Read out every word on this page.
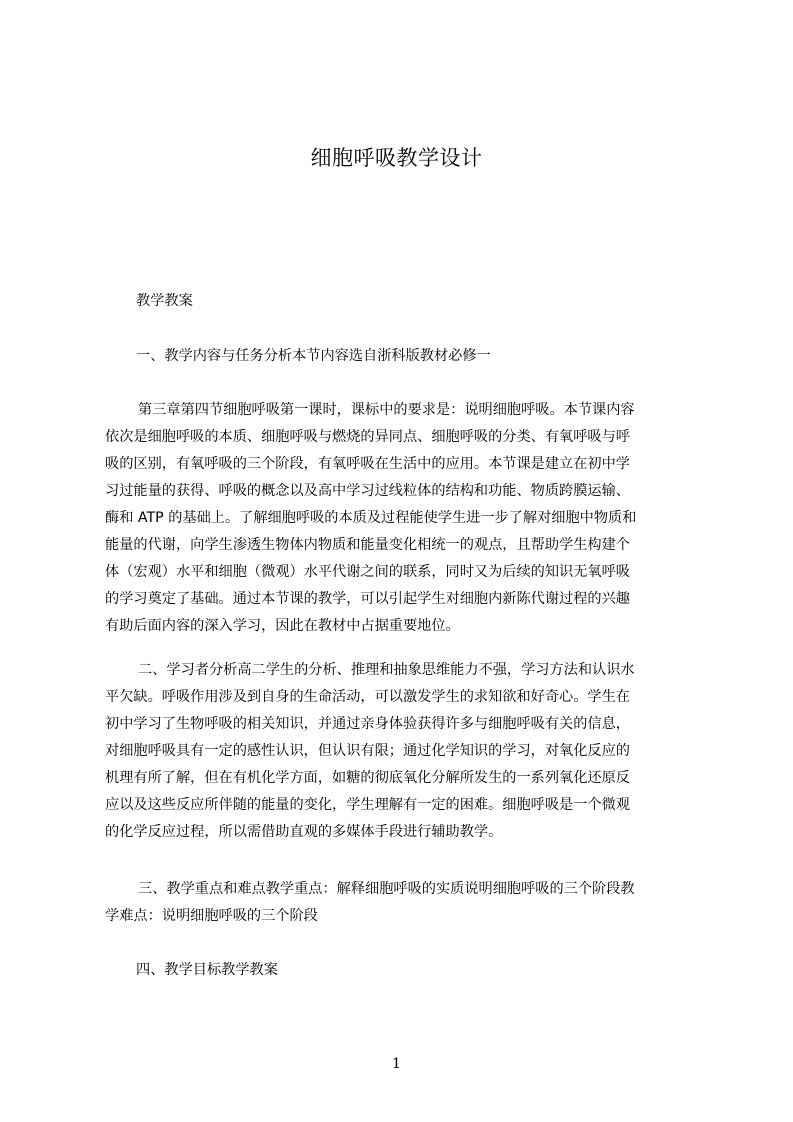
细胞呼吸教学设计
教学教案
一、教学内容与任务分析本节内容选自浙科版教材必修一
第三章第四节细胞呼吸第一课时，课标中的要求是：说明细胞呼吸。本节课内容
依次是细胞呼吸的本质、细胞呼吸与燃烧的异同点、细胞呼吸的分类、有氧呼吸与呼
吸的区别，有氧呼吸的三个阶段，有氧呼吸在生活中的应用。本节课是建立在初中学
习过能量的获得、呼吸的概念以及高中学习过线粒体的结构和功能、物质跨膜运输、
酶和 ATP 的基础上。了解细胞呼吸的本质及过程能使学生进一步了解对细胞中物质和
能量的代谢，向学生渗透生物体内物质和能量变化相统一的观点，且帮助学生构建个
体（宏观）水平和细胞（微观）水平代谢之间的联系，同时又为后续的知识无氧呼吸
的学习奠定了基础。通过本节课的教学，可以引起学生对细胞内新陈代谢过程的兴趣
有助后面内容的深入学习，因此在教材中占据重要地位。
二、学习者分析高二学生的分析、推理和抽象思维能力不强，学习方法和认识水
平欠缺。呼吸作用涉及到自身的生命活动，可以激发学生的求知欲和好奇心。学生在
初中学习了生物呼吸的相关知识，并通过亲身体验获得许多与细胞呼吸有关的信息，
对细胞呼吸具有一定的感性认识，但认识有限；通过化学知识的学习，对氧化反应的
机理有所了解，但在有机化学方面，如糖的彻底氧化分解所发生的一系列氧化还原反
应以及这些反应所伴随的能量的变化，学生理解有一定的困难。细胞呼吸是一个微观
的化学反应过程，所以需借助直观的多媒体手段进行辅助教学。
三、教学重点和难点教学重点：解释细胞呼吸的实质说明细胞呼吸的三个阶段教
学难点：说明细胞呼吸的三个阶段
四、教学目标教学教案
1
